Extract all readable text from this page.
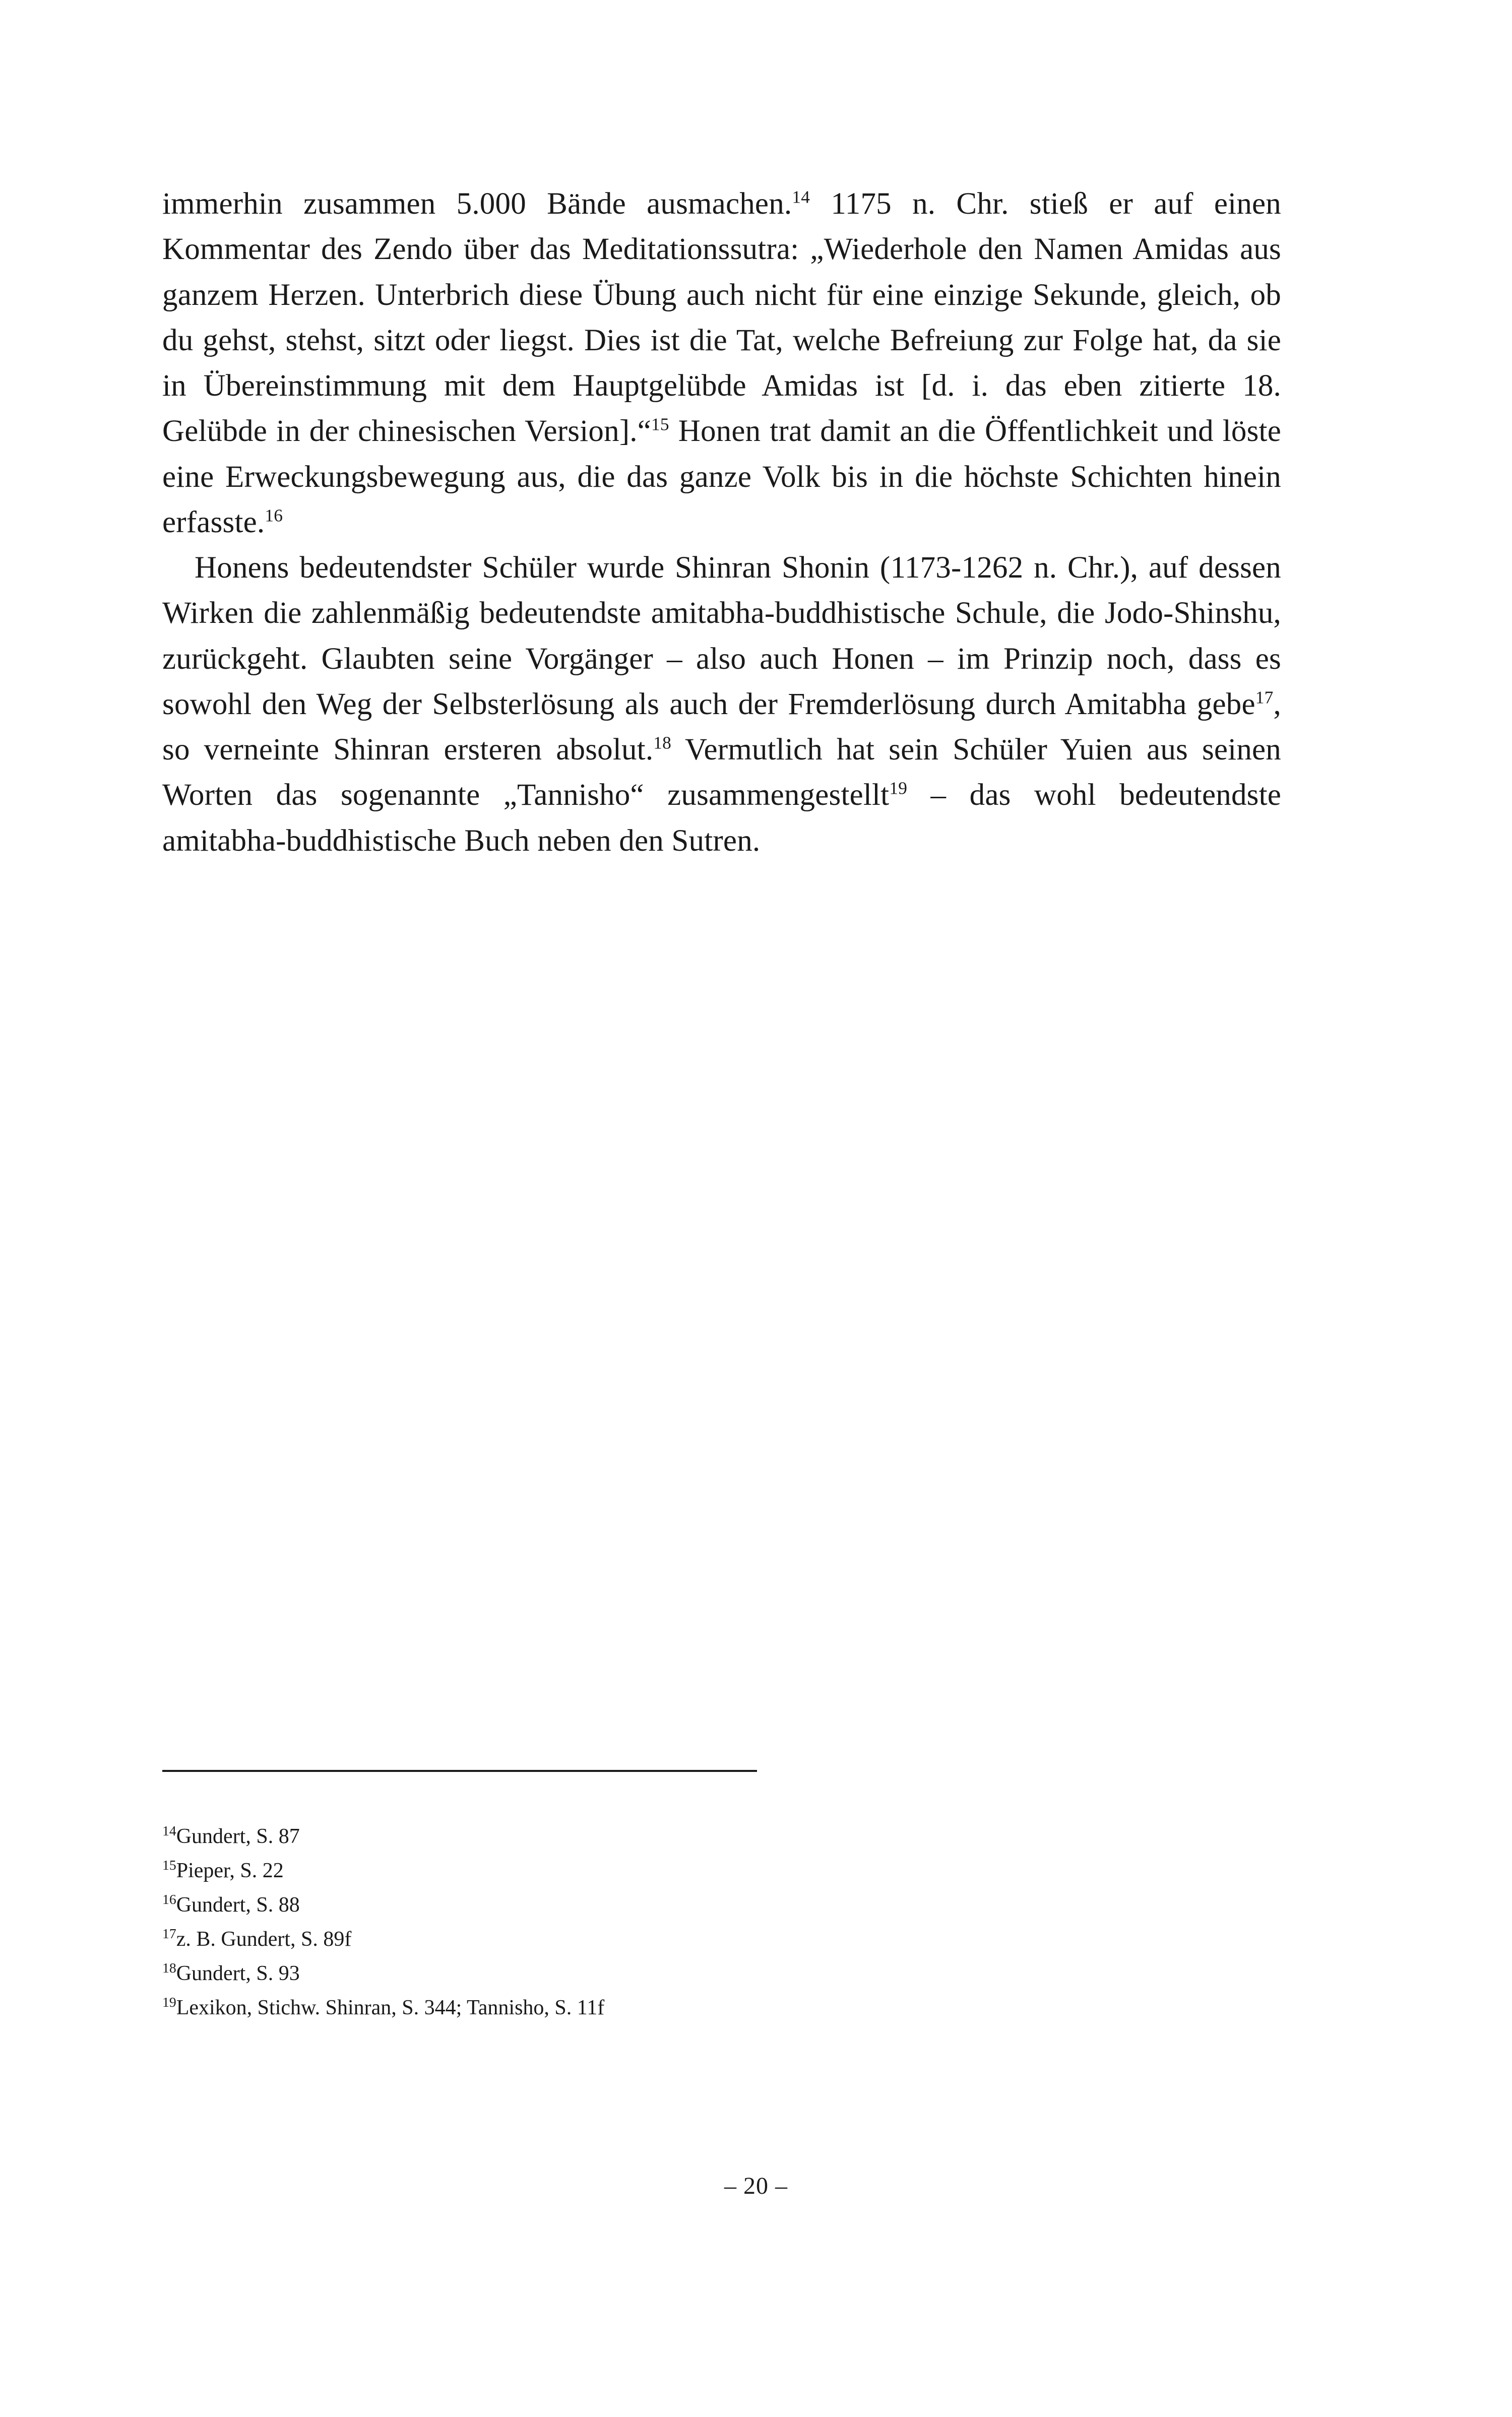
immerhin zusammen 5.000 Bände ausmachen.$^{14}$ 1175 n. Chr. stieß er auf einen Kommentar des Zendo über das Meditationssutra: „Wiederhole den Namen Amidas aus ganzem Herzen. Unterbrich diese Übung auch nicht für eine einzige Sekunde, gleich, ob du gehst, stehst, sitzt oder liegst. Dies ist die Tat, welche Befreiung zur Folge hat, da sie in Übereinstimmung mit dem Hauptgelübde Amidas ist [d. i. das eben zitierte 18. Gelübde in der chinesischen Version].“$^{15}$ Honen trat damit an die Öffentlichkeit und löste eine Erweckungsbewegung aus, die das ganze Volk bis in die höchste Schichten hinein erfasste.$^{16}$

Honens bedeutendster Schüler wurde Shinran Shonin (1173-1262 n. Chr.), auf dessen Wirken die zahlenmäßig bedeutendste amitabha-buddhistische Schule, die Jodo-Shinshu, zurückgeht. Glaubten seine Vorgänger – also auch Honen – im Prinzip noch, dass es sowohl den Weg der Selbsterlösung als auch der Fremderlösung durch Amitabha gebe$^{17}$, so verneinte Shinran ersteren absolut.$^{18}$ Vermutlich hat sein Schüler Yuien aus seinen Worten das sogenannte „Tannisho“ zusammengestellt$^{19}$ – das wohl bedeutendste amitabha-buddhistische Buch neben den Sutren.

$^{14}$Gundert, S. 87

$^{15}$Pieper, S. 22

$^{16}$Gundert, S. 88

$^{17}$z. B. Gundert, S. 89f

$^{18}$Gundert, S. 93

$^{19}$Lexikon, Stichw. Shinran, S. 344; Tannisho, S. 11f

– 20 –
